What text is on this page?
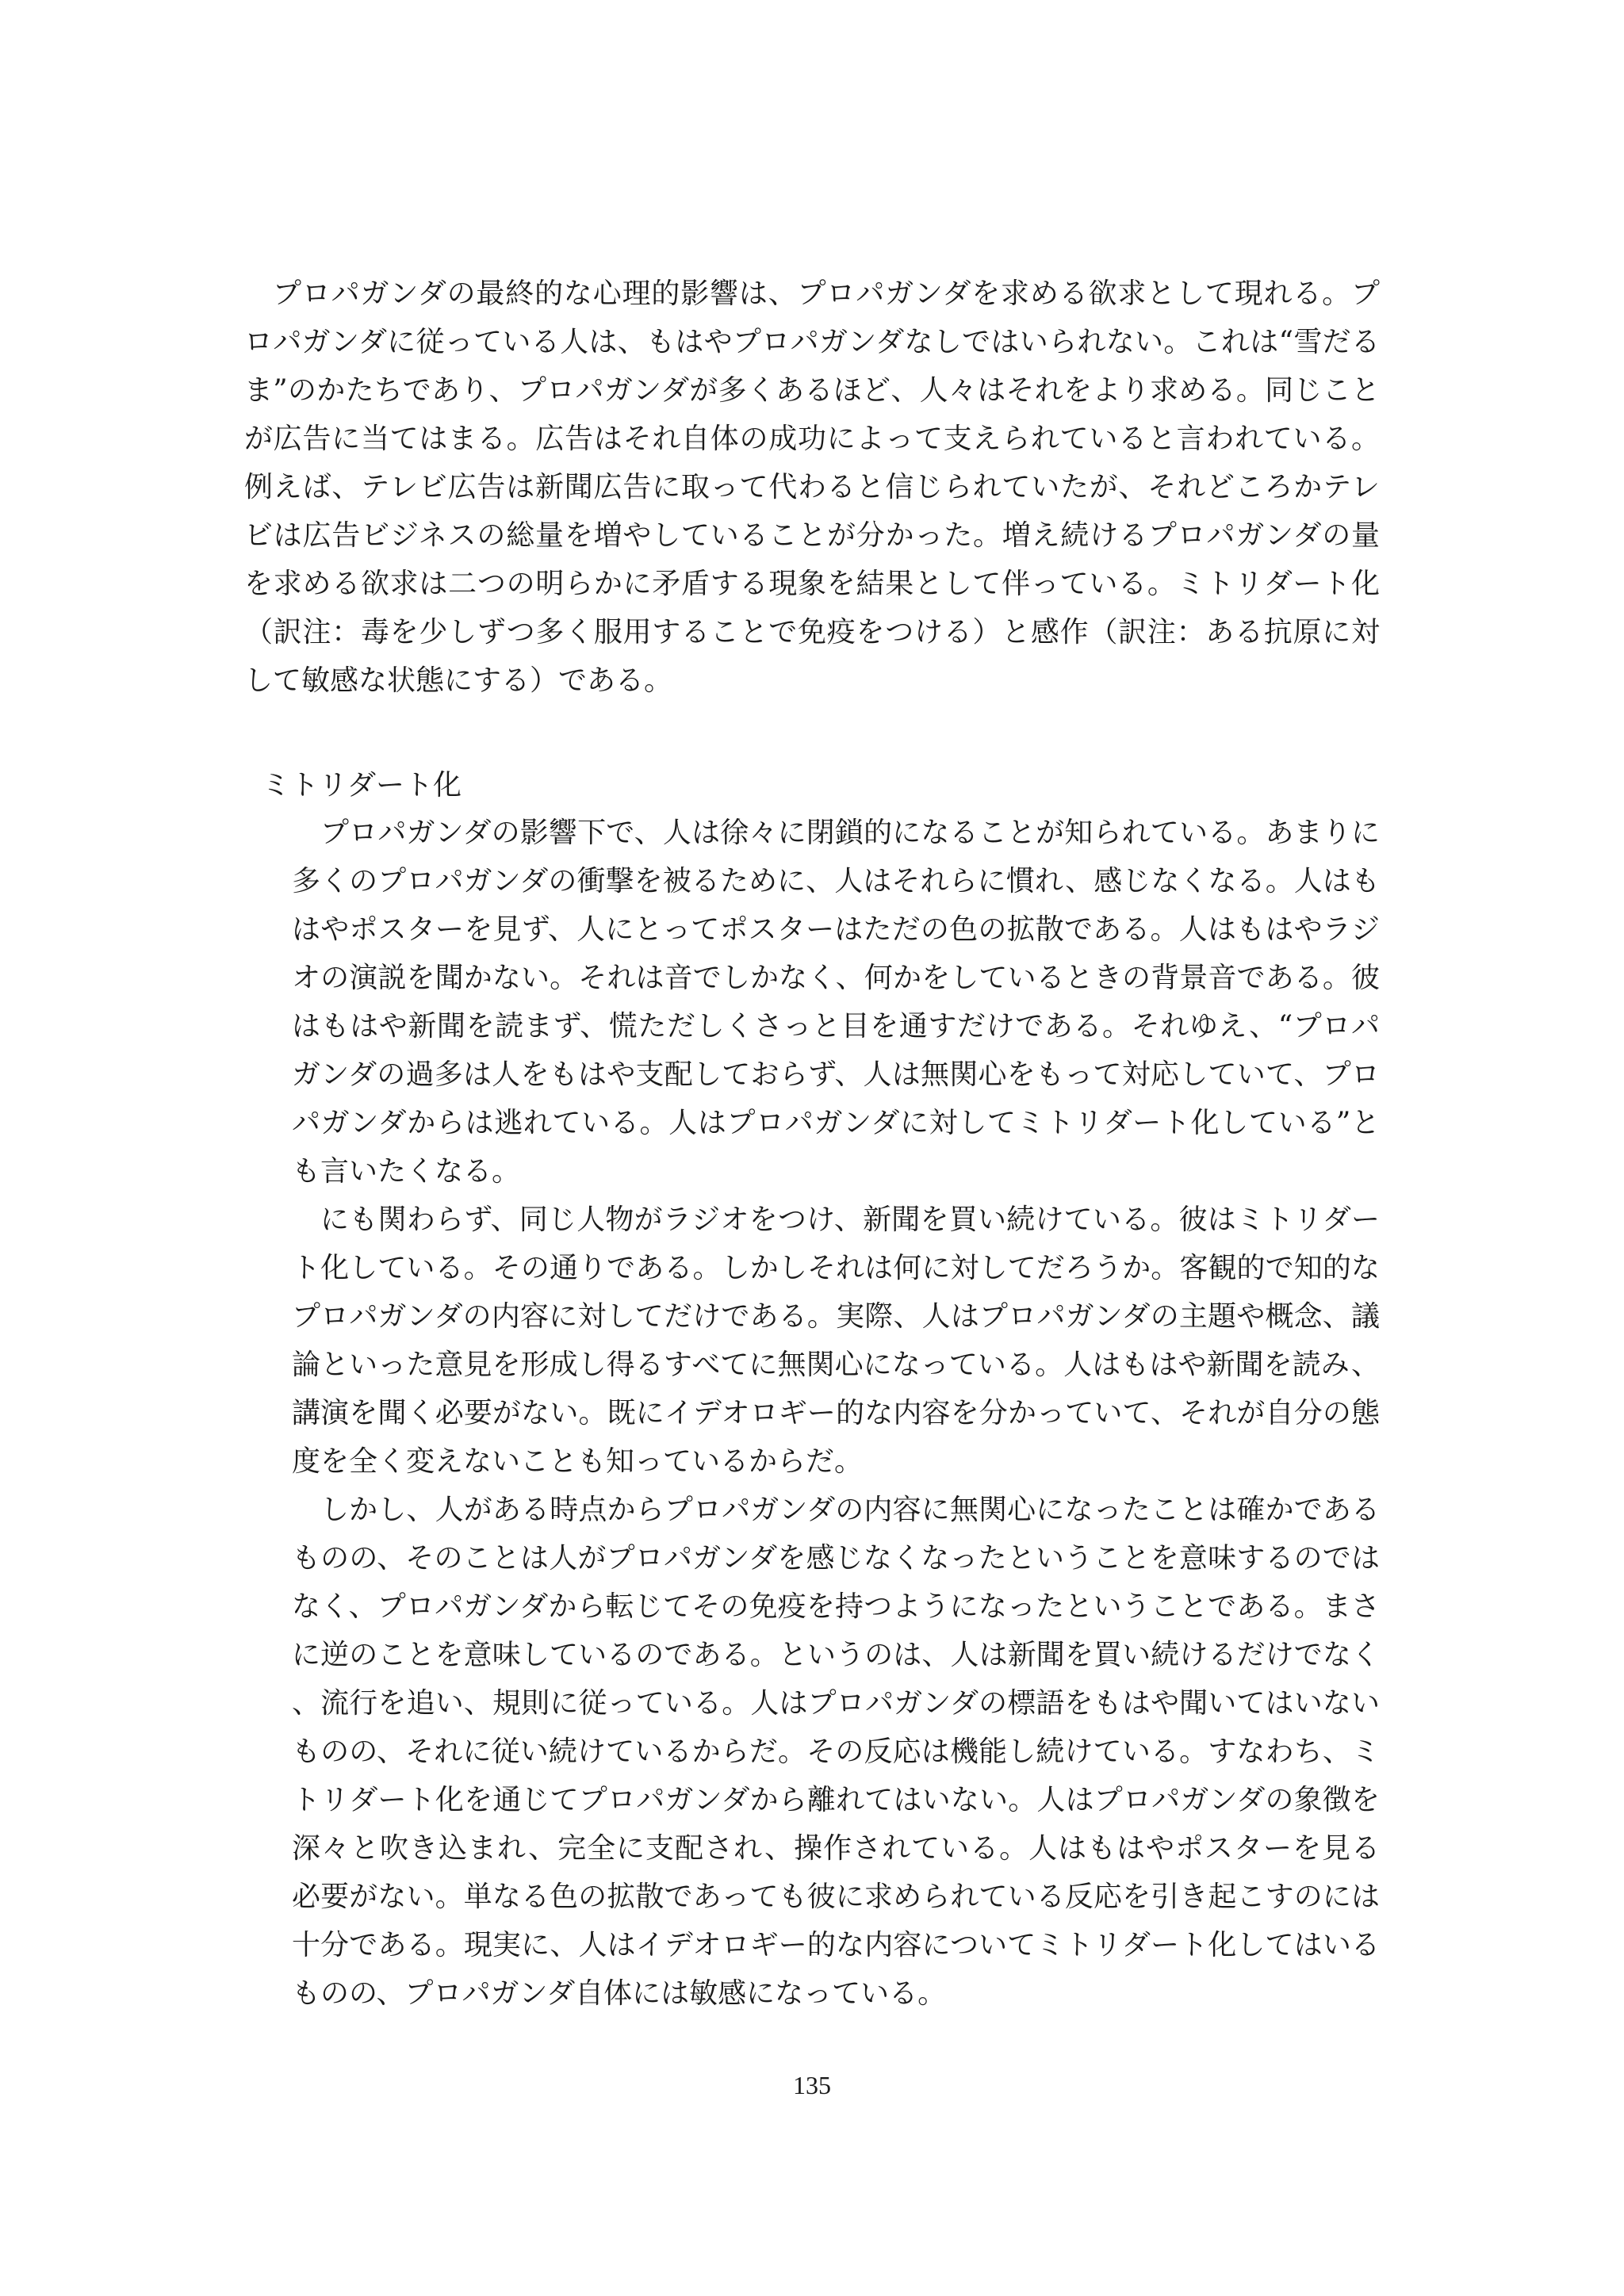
プロパガンダの最終的な心理的影響は、プロパガンダを求める欲求として現れる。プロパガンダに従っている人は、もはやプロパガンダなしではいられない。これは“雪だるま”のかたちであり、プロパガンダが多くあるほど、人々はそれをより求める。同じことが広告に当てはまる。広告はそれ自体の成功によって支えられていると言われている。例えば、テレビ広告は新聞広告に取って代わると信じられていたが、それどころかテレビは広告ビジネスの総量を増やしていることが分かった。増え続けるプロパガンダの量を求める欲求は二つの明らかに矛盾する現象を結果として伴っている。ミトリダート化（訳注：毒を少しずつ多く服用することで免疫をつける）と感作（訳注：ある抗原に対して敏感な状態にする）である。

ミトリダート化

プロパガンダの影響下で、人は徐々に閉鎖的になることが知られている。あまりに多くのプロパガンダの衝撃を被るために、人はそれらに慣れ、感じなくなる。人はもはやポスターを見ず、人にとってポスターはただの色の拡散である。人はもはやラジオの演説を聞かない。それは音でしかなく、何かをしているときの背景音である。彼はもはや新聞を読まず、慌ただしくさっと目を通すだけである。それゆえ、“プロパガンダの過多は人をもはや支配しておらず、人は無関心をもって対応していて、プロパガンダからは逃れている。人はプロパガンダに対してミトリダート化している”とも言いたくなる。

にも関わらず、同じ人物がラジオをつけ、新聞を買い続けている。彼はミトリダート化している。その通りである。しかしそれは何に対してだろうか。客観的で知的なプロパガンダの内容に対してだけである。実際、人はプロパガンダの主題や概念、議論といった意見を形成し得るすべてに無関心になっている。人はもはや新聞を読み、講演を聞く必要がない。既にイデオロギー的な内容を分かっていて、それが自分の態度を全く変えないことも知っているからだ。

しかし、人がある時点からプロパガンダの内容に無関心になったことは確かであるものの、そのことは人がプロパガンダを感じなくなったということを意味するのではなく、プロパガンダから転じてその免疫を持つようになったということである。まさに逆のことを意味しているのである。というのは、人は新聞を買い続けるだけでなく、流行を追い、規則に従っている。人はプロパガンダの標語をもはや聞いてはいないものの、それに従い続けているからだ。その反応は機能し続けている。すなわち、ミトリダート化を通じてプロパガンダから離れてはいない。人はプロパガンダの象徴を深々と吹き込まれ、完全に支配され、操作されている。人はもはやポスターを見る必要がない。単なる色の拡散であっても彼に求められている反応を引き起こすのには十分である。現実に、人はイデオロギー的な内容についてミトリダート化してはいるものの、プロパガンダ自体には敏感になっている。

135
